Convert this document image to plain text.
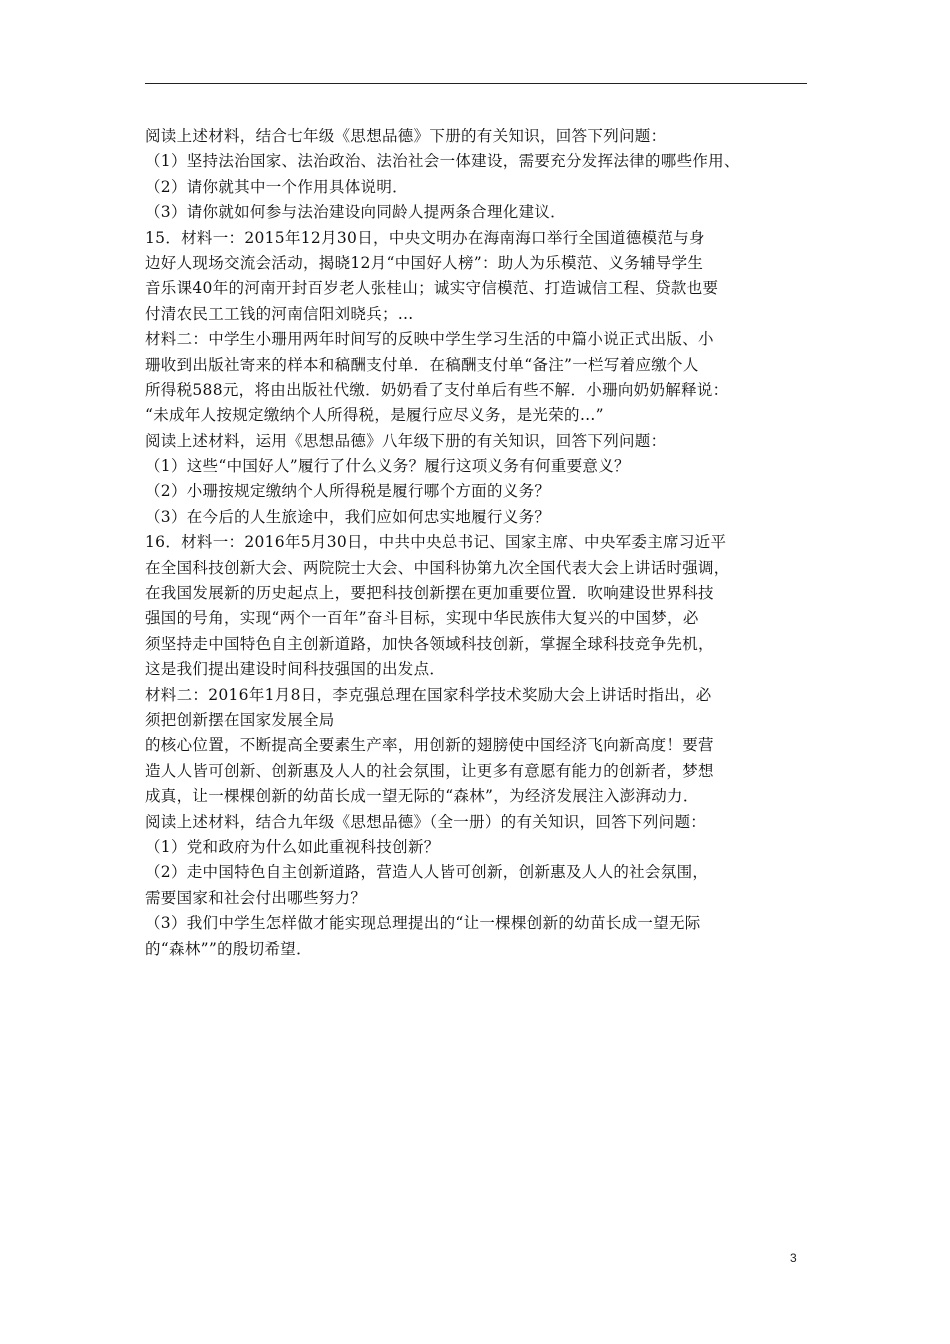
阅读上述材料，结合七年级《思想品德》下册的有关知识，回答下列问题：
（1）坚持法治国家、法治政治、法治社会一体建设，需要充分发挥法律的哪些作用、
（2）请你就其中一个作用具体说明．
（3）请你就如何参与法治建设向同龄人提两条合理化建议．
15．材料一：2015年12月30日，中央文明办在海南海口举行全国道德模范与身
边好人现场交流会活动，揭晓12月“中国好人榜”：助人为乐模范、义务辅导学生
音乐课40年的河南开封百岁老人张桂山；诚实守信模范、打造诚信工程、贷款也要
付清农民工工钱的河南信阳刘晓兵；…
材料二：中学生小珊用两年时间写的反映中学生学习生活的中篇小说正式出版、小
珊收到出版社寄来的样本和稿酬支付单．在稿酬支付单“备注”一栏写着应缴个人
所得税588元，将由出版社代缴．奶奶看了支付单后有些不解．小珊向奶奶解释说：
“未成年人按规定缴纳个人所得税，是履行应尽义务，是光荣的…”
阅读上述材料，运用《思想品德》八年级下册的有关知识，回答下列问题：
（1）这些“中国好人”履行了什么义务？履行这项义务有何重要意义？
（2）小珊按规定缴纳个人所得税是履行哪个方面的义务？
（3）在今后的人生旅途中，我们应如何忠实地履行义务？
16．材料一：2016年5月30日，中共中央总书记、国家主席、中央军委主席习近平
在全国科技创新大会、两院院士大会、中国科协第九次全国代表大会上讲话时强调，
在我国发展新的历史起点上，要把科技创新摆在更加重要位置．吹响建设世界科技
强国的号角，实现“两个一百年”奋斗目标，实现中华民族伟大复兴的中国梦，必
须坚持走中国特色自主创新道路，加快各领域科技创新，掌握全球科技竞争先机，
这是我们提出建设时间科技强国的出发点．
材料二：2016年1月8日，李克强总理在国家科学技术奖励大会上讲话时指出，必
须把创新摆在国家发展全局
的核心位置，不断提高全要素生产率，用创新的翅膀使中国经济飞向新高度！要营
造人人皆可创新、创新惠及人人的社会氛围，让更多有意愿有能力的创新者，梦想
成真，让一棵棵创新的幼苗长成一望无际的“森林”，为经济发展注入澎湃动力．
阅读上述材料，结合九年级《思想品德》（全一册）的有关知识，回答下列问题：
（1）党和政府为什么如此重视科技创新？
（2）走中国特色自主创新道路，营造人人皆可创新，创新惠及人人的社会氛围，
需要国家和社会付出哪些努力？
（3）我们中学生怎样做才能实现总理提出的“让一棵棵创新的幼苗长成一望无际
的“森林””的殷切希望．
3
